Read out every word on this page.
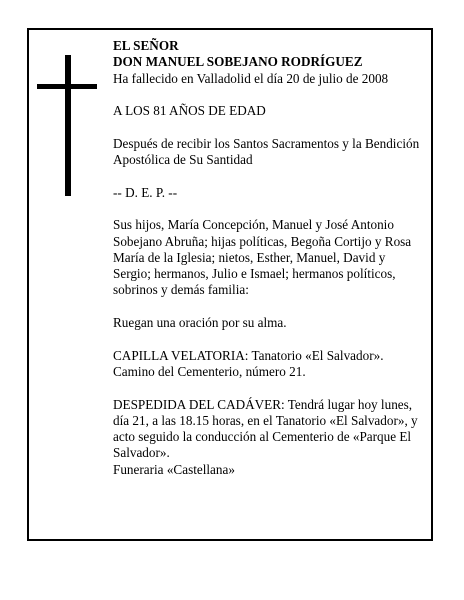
EL SEÑOR

DON MANUEL SOBEJANO RODRÍGUEZ

Ha fallecido en Valladolid el día 20 de julio de 2008

A LOS 81 AÑOS DE EDAD

Después de recibir los Santos Sacramentos y la Bendición Apostólica de Su Santidad

-- D. E. P. --

Sus hijos, María Concepción, Manuel y José Antonio Sobejano Abruña; hijas políticas, Begoña Cortijo y Rosa María de la Iglesia; nietos, Esther, Manuel, David y Sergio; hermanos, Julio e Ismael; hermanos políticos, sobrinos y demás familia:

Ruegan una oración por su alma.

CAPILLA VELATORIA: Tanatorio «El Salvador». Camino del Cementerio, número 21.

DESPEDIDA DEL CADÁVER: Tendrá lugar hoy lunes, día 21, a las 18.15 horas, en el Tanatorio «El Salvador», y acto seguido la conducción al Cementerio de «Parque El Salvador».

Funeraria «Castellana»
